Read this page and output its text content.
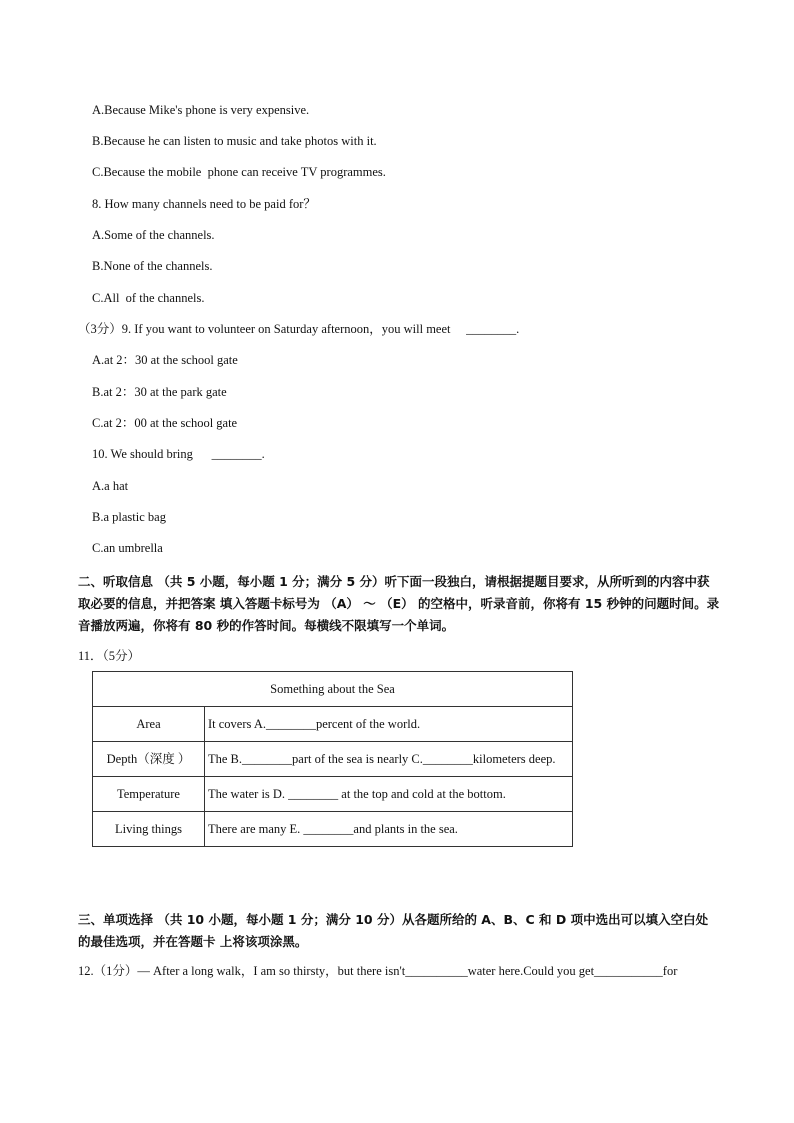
A.Because Mike's phone is very expensive.
B.Because he can listen to music and take photos with it.
C.Because the mobile  phone can receive TV programmes.
8. How many channels need to be paid for？
A.Some of the channels.
B.None of the channels.
C.All  of the channels.
（3分）9. If you want to volunteer on Saturday afternoon，you will meet     ________.
A.at 2：30 at the school gate
B.at 2：30 at the park gate
C.at 2：00 at the school gate
10. We should bring      ________.
A.a hat
B.a plastic bag
C.an umbrella
二、听取信息 （共 5 小题，每小题 1 分；满分 5 分）听下面一段独白，请根据提题目要求，从所听到的内容中获取必要的信息，并把答案 填入答题卡标号为 （A） ～ （E） 的空格中，听录音前，你将有 15 秒钟的问题时间。录音播放两遍，你将有 80 秒的作答时间。每横线不限填写一个单词。
11．（5分）
Something about the Sea	
Area	It covers A.________percent of the world.
Depth（深度 ）	The B.________part of the sea is nearly C.________kilometers deep.
Temperature	The water is D. ________ at the top and cold at the bottom.
Living things	There are many E. ________and plants in the sea.
三、单项选择 （共 10 小题，每小题 1 分；满分 10 分）从各题所给的 A、B、C 和 D 项中选出可以填入空白处的最佳选项，并在答题卡 上将该项涂黑。
12.（1分）— After a long walk，I am so thirsty，but there isn't__________water here.Could you get___________for
